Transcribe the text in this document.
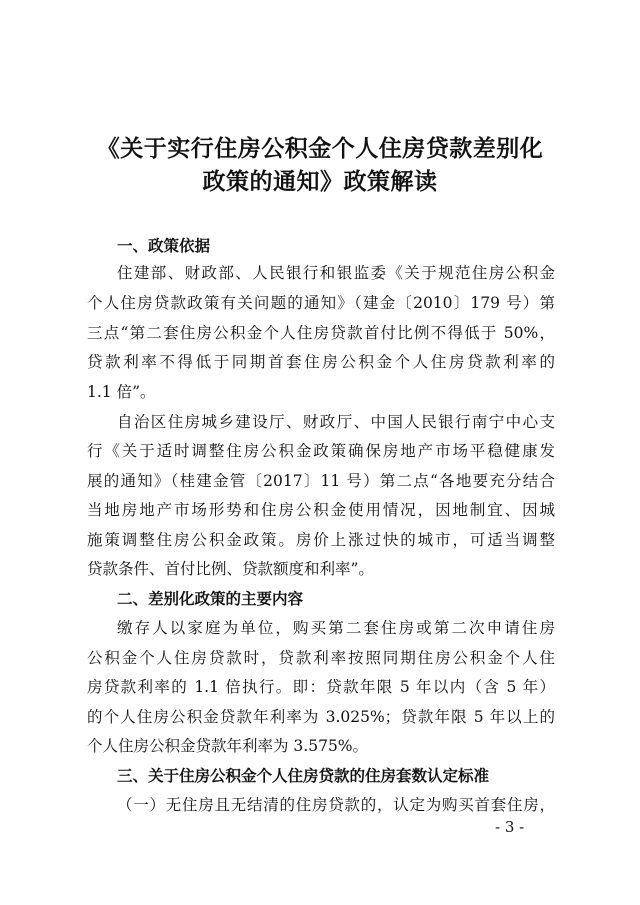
《关于实行住房公积金个人住房贷款差别化
政策的通知》政策解读

一、政策依据

住建部、财政部、人民银行和银监委《关于规范住房公积金

个人住房贷款政策有关问题的通知》（建金〔2010〕179 号）第

三点“第二套住房公积金个人住房贷款首付比例不得低于 50%，

贷款利率不得低于同期首套住房公积金个人住房贷款利率的

1.1 倍”。

自治区住房城乡建设厅、财政厅、中国人民银行南宁中心支

行《关于适时调整住房公积金政策确保房地产市场平稳健康发

展的通知》（桂建金管〔2017〕11 号）第二点“各地要充分结合

当地房地产市场形势和住房公积金使用情况，因地制宜、因城

施策调整住房公积金政策。房价上涨过快的城市，可适当调整

贷款条件、首付比例、贷款额度和利率”。

二、差别化政策的主要内容

缴存人以家庭为单位，购买第二套住房或第二次申请住房

公积金个人住房贷款时，贷款利率按照同期住房公积金个人住

房贷款利率的 1.1 倍执行。即：贷款年限 5 年以内（含 5 年）

的个人住房公积金贷款年利率为 3.025%；贷款年限 5 年以上的

个人住房公积金贷款年利率为 3.575%。

三、关于住房公积金个人住房贷款的住房套数认定标准

（一）无住房且无结清的住房贷款的，认定为购买首套住房，

- 3 -
